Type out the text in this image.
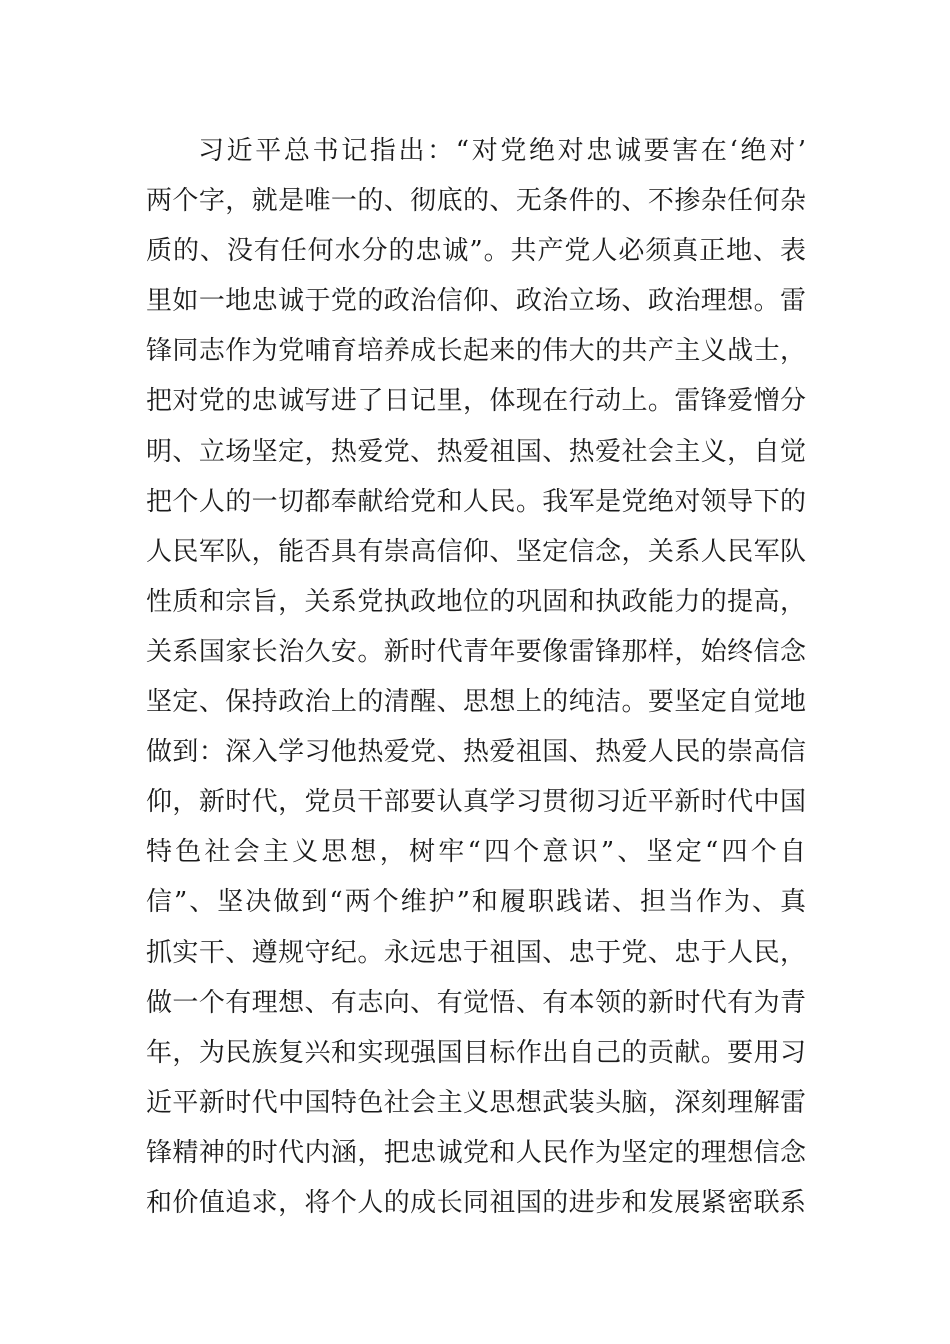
习近平总书记指出：“对党绝对忠诚要害在‘绝对’
两个字，就是唯一的、彻底的、无条件的、不掺杂任何杂
质的、没有任何水分的忠诚”。共产党人必须真正地、表
里如一地忠诚于党的政治信仰、政治立场、政治理想。雷
锋同志作为党哺育培养成长起来的伟大的共产主义战士，
把对党的忠诚写进了日记里，体现在行动上。雷锋爱憎分
明、立场坚定，热爱党、热爱祖国、热爱社会主义，自觉
把个人的一切都奉献给党和人民。我军是党绝对领导下的
人民军队，能否具有崇高信仰、坚定信念，关系人民军队
性质和宗旨，关系党执政地位的巩固和执政能力的提高，
关系国家长治久安。新时代青年要像雷锋那样，始终信念
坚定、保持政治上的清醒、思想上的纯洁。要坚定自觉地
做到：深入学习他热爱党、热爱祖国、热爱人民的崇高信
仰，新时代，党员干部要认真学习贯彻习近平新时代中国
特色社会主义思想，树牢“四个意识”、坚定“四个自
信”、坚决做到“两个维护”和履职践诺、担当作为、真
抓实干、遵规守纪。永远忠于祖国、忠于党、忠于人民，
做一个有理想、有志向、有觉悟、有本领的新时代有为青
年，为民族复兴和实现强国目标作出自己的贡献。要用习
近平新时代中国特色社会主义思想武装头脑，深刻理解雷
锋精神的时代内涵，把忠诚党和人民作为坚定的理想信念
和价值追求，将个人的成长同祖国的进步和发展紧密联系
